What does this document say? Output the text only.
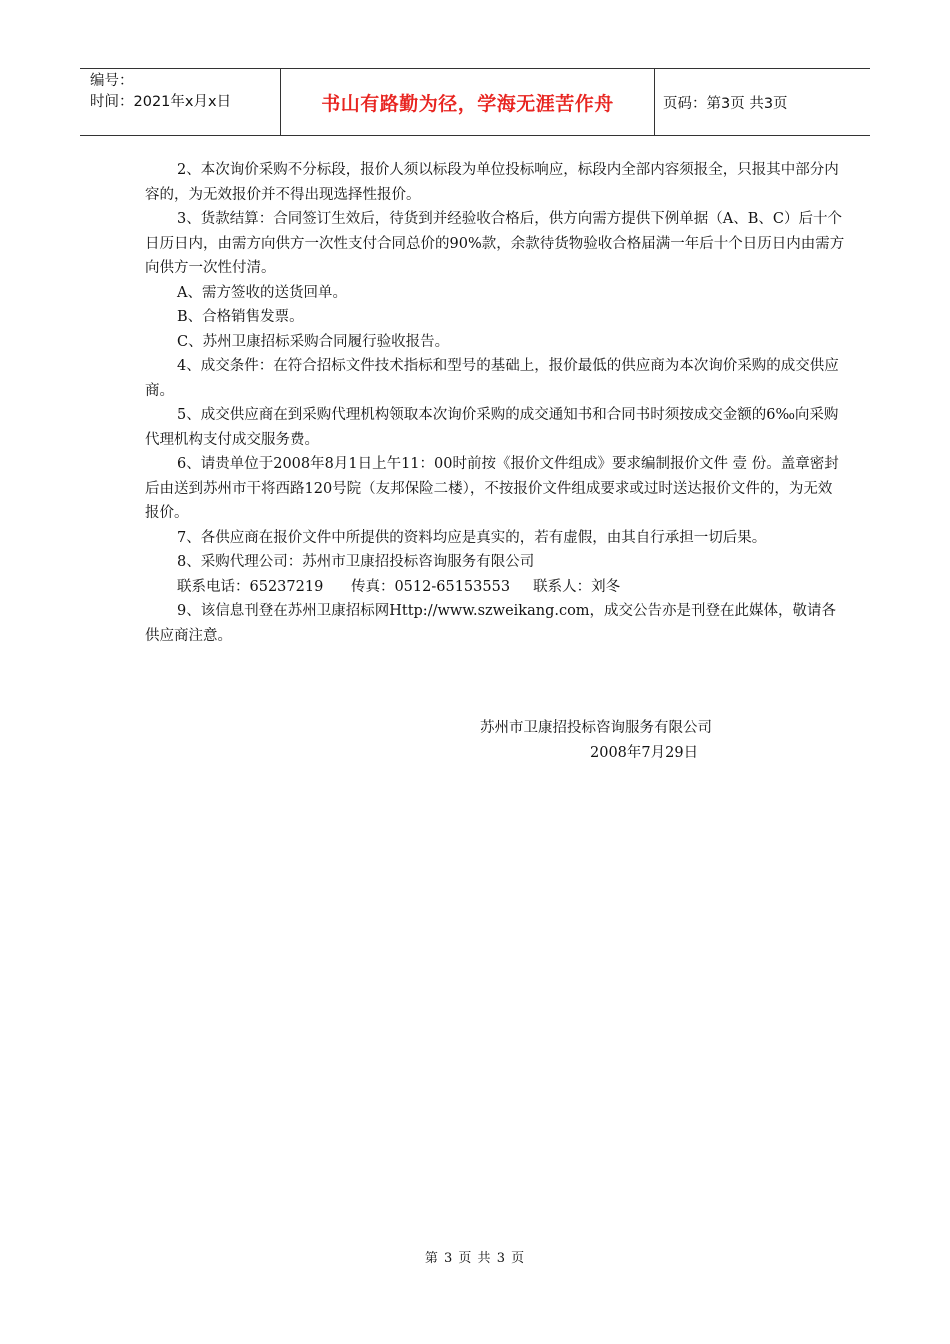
编号：
时间：2021年x月x日	书山有路勤为径，学海无涯苦作舟	页码：第3页 共3页

2、本次询价采购不分标段，报价人须以标段为单位投标响应，标段内全部内容须报全，只报其中部分内容的，为无效报价并不得出现选择性报价。

3、货款结算：合同签订生效后，待货到并经验收合格后，供方向需方提供下例单据（A、B、C）后十个日历日内，由需方向供方一次性支付合同总价的90%款，余款待货物验收合格届满一年后十个日历日内由需方向供方一次性付清。

A、需方签收的送货回单。

B、合格销售发票。

C、苏州卫康招标采购合同履行验收报告。

4、成交条件：在符合招标文件技术指标和型号的基础上，报价最低的供应商为本次询价采购的成交供应商。

5、成交供应商在到采购代理机构领取本次询价采购的成交通知书和合同书时须按成交金额的6‰向采购代理机构支付成交服务费。

6、请贵单位于2008年8月1日上午11：00时前按《报价文件组成》要求编制报价文件 壹 份。盖章密封后由送到苏州市干将西路120号院（友邦保险二楼），不按报价文件组成要求或过时送达报价文件的，为无效报价。

7、各供应商在报价文件中所提供的资料均应是真实的，若有虚假，由其自行承担一切后果。

8、采购代理公司：苏州市卫康招投标咨询服务有限公司

联系电话：65237219      传真：0512-65153553     联系人：刘冬

9、该信息刊登在苏州卫康招标网Http://www.szweikang.com，成交公告亦是刊登在此媒体，敬请各供应商注意。

苏州市卫康招投标咨询服务有限公司
2008年7月29日
第 3 页 共 3 页
